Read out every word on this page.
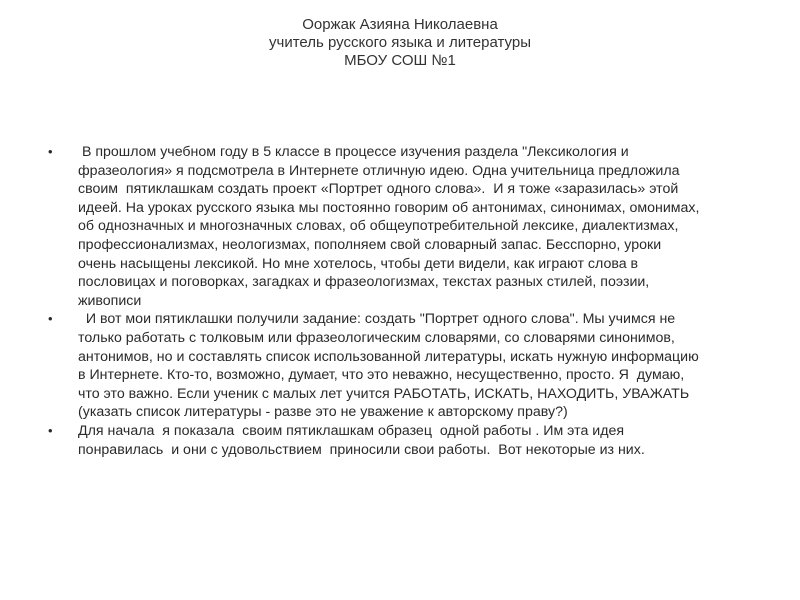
Ооржак Азияна Николаевна
учитель русского языка и литературы
МБОУ СОШ №1
• В прошлом учебном году в 5 классе в процессе изучения раздела "Лексикология и
фразеология» я подсмотрела в Интернете отличную идею. Одна учительница предложила
своим  пятиклашкам создать проект «Портрет одного слова».  И я тоже «заразилась» этой
идеей. На уроках русского языка мы постоянно говорим об антонимах, синонимах, омонимах,
об однозначных и многозначных словах, об общеупотребительной лексике, диалектизмах,
профессионализмах, неологизмах, пополняем свой словарный запас. Бесспорно, уроки
очень насыщены лексикой. Но мне хотелось, чтобы дети видели, как играют слова в
пословицах и поговорках, загадках и фразеологизмах, текстах разных стилей, поэзии,
живописи
• И вот мои пятиклашки получили задание: создать "Портрет одного слова". Мы учимся не
только работать с толковым или фразеологическим словарями, со словарями синонимов,
антонимов, но и составлять список использованной литературы, искать нужную информацию
в Интернете. Кто-то, возможно, думает, что это неважно, несущественно, просто. Я  думаю,
что это важно. Если ученик с малых лет учится РАБОТАТЬ, ИСКАТЬ, НАХОДИТЬ, УВАЖАТЬ
(указать список литературы - разве это не уважение к авторскому праву?)
• Для начала  я показала  своим пятиклашкам образец  одной работы . Им эта идея
понравилась  и они с удовольствием  приносили свои работы.  Вот некоторые из них.
